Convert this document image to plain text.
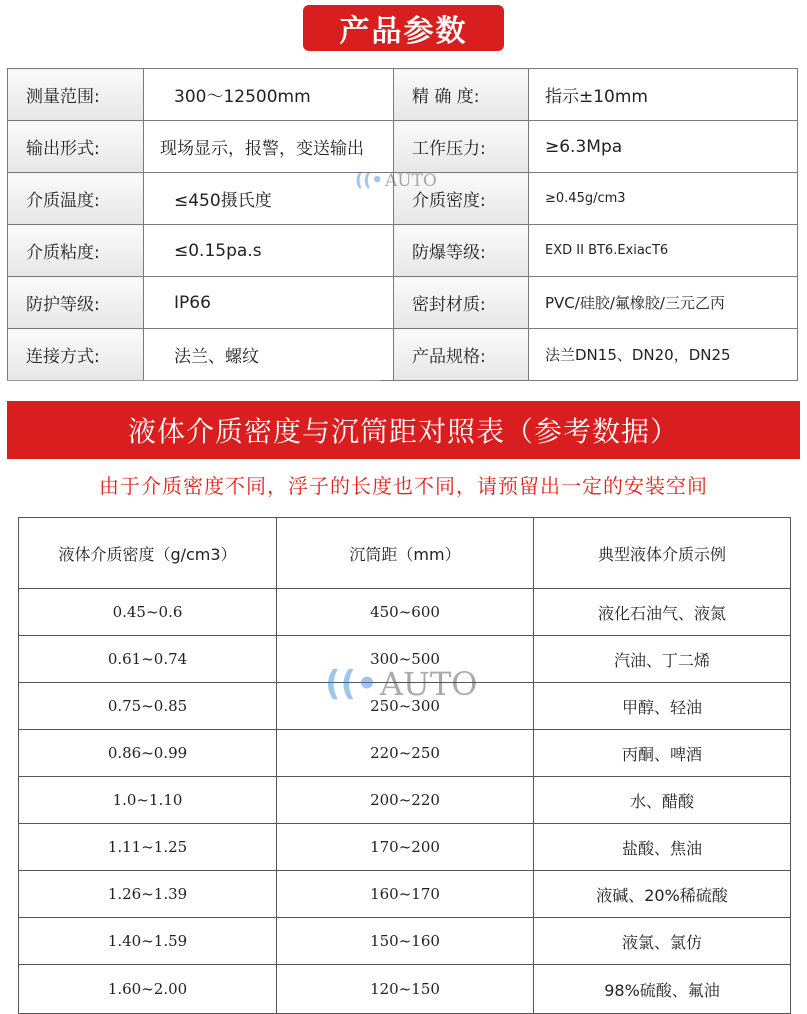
产品参数
测量范围:	300～12500mm	精 确 度:	指示±10mm
输出形式:	现场显示，报警，变送输出	工作压力:	≥6.3Mpa
介质温度:	≤450摄氏度	介质密度:	≥0.45g/cm3
介质粘度:	≤0.15pa.s	防爆等级:	EXD II BT6.ExiacT6
防护等级:	IP66	密封材质:	PVC/硅胶/氟橡胶/三元乙丙
连接方式:	法兰、螺纹	产品规格:	法兰DN15、DN20，DN25
液体介质密度与沉筒距对照表（参考数据）
由于介质密度不同，浮子的长度也不同，请预留出一定的安装空间
液体介质密度（g/cm3）	沉筒距（mm）	典型液体介质示例
0.45~0.6	450~600	液化石油气、液氮
0.61~0.74	300~500	汽油、丁二烯
0.75~0.85	250~300	甲醇、轻油
0.86~0.99	220~250	丙酮、啤酒
1.0~1.10	200~220	水、醋酸
1.11~1.25	170~200	盐酸、焦油
1.26~1.39	160~170	液碱、20%稀硫酸
1.40~1.59	150~160	液氯、氯仿
1.60~2.00	120~150	98%硫酸、氟油
((• AUTO
((• AUTO
